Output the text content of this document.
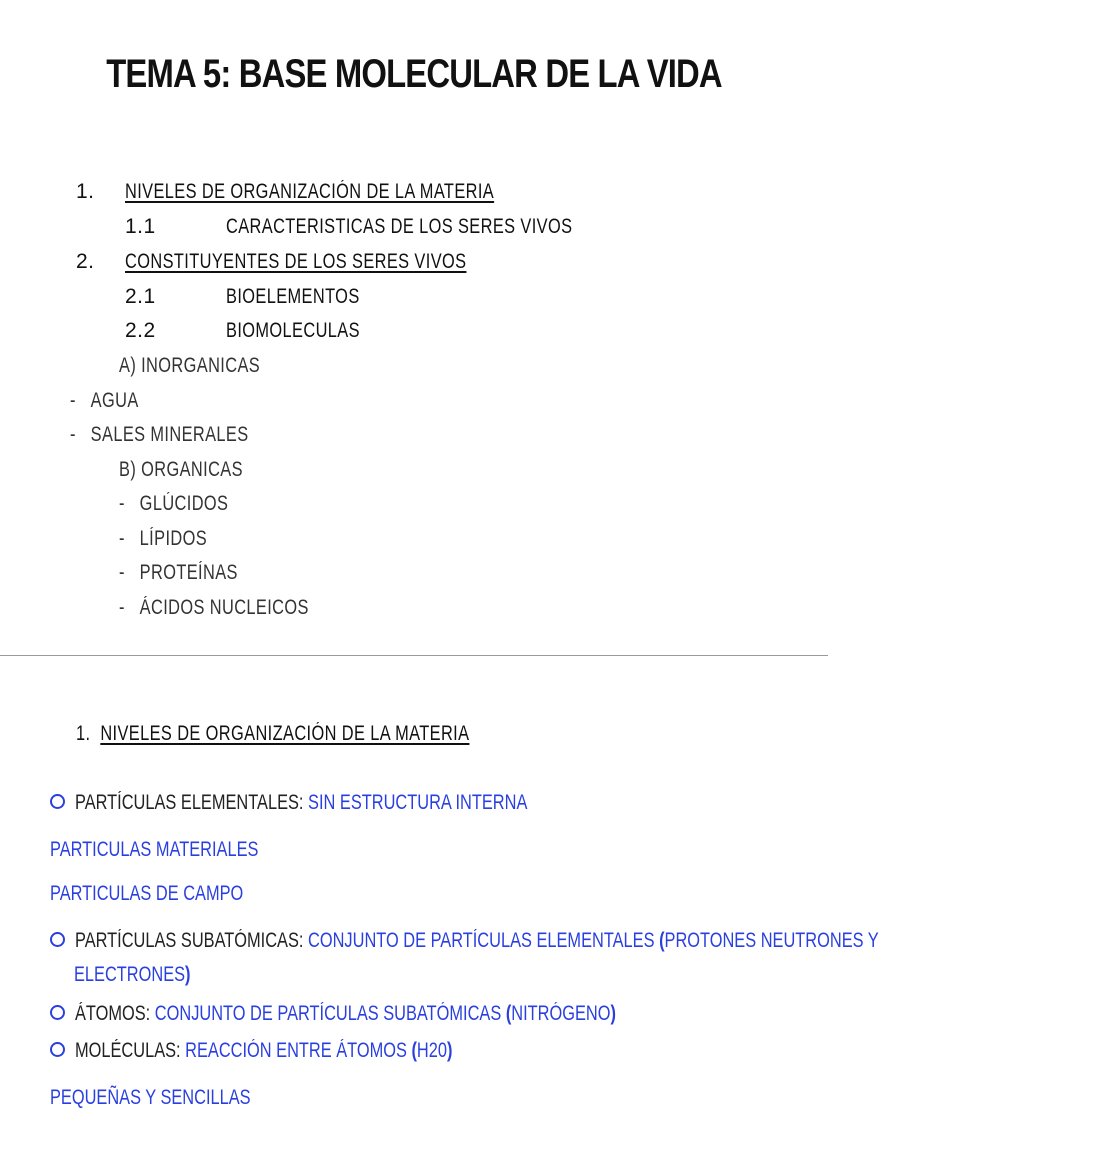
TEMA 5: BASE MOLECULAR DE LA VIDA
1. NIVELES DE ORGANIZACIÓN DE LA MATERIA
1.1	CARACTERISTICAS DE LOS SERES VIVOS
2. CONSTITUYENTES DE LOS SERES VIVOS
2.1	BIOELEMENTOS
2.2	BIOMOLECULAS
A) INORGANICAS
- AGUA
- SALES MINERALES
B) ORGANICAS
- GLÚCIDOS
- LÍPIDOS
- PROTEÍNAS
- ÁCIDOS NUCLEICOS
1. NIVELES DE ORGANIZACIÓN DE LA MATERIA
PARTÍCULAS ELEMENTALES: SIN ESTRUCTURA INTERNA
PARTICULAS MATERIALES
PARTICULAS DE CAMPO
PARTÍCULAS SUBATÓMICAS: CONJUNTO DE PARTÍCULAS ELEMENTALES (PROTONES NEUTRONES Y
ELECTRONES)
ÁTOMOS: CONJUNTO DE PARTÍCULAS SUBATÓMICAS (NITRÓGENO)
MOLÉCULAS: REACCIÓN ENTRE ÁTOMOS (H20)
PEQUEÑAS Y SENCILLAS
